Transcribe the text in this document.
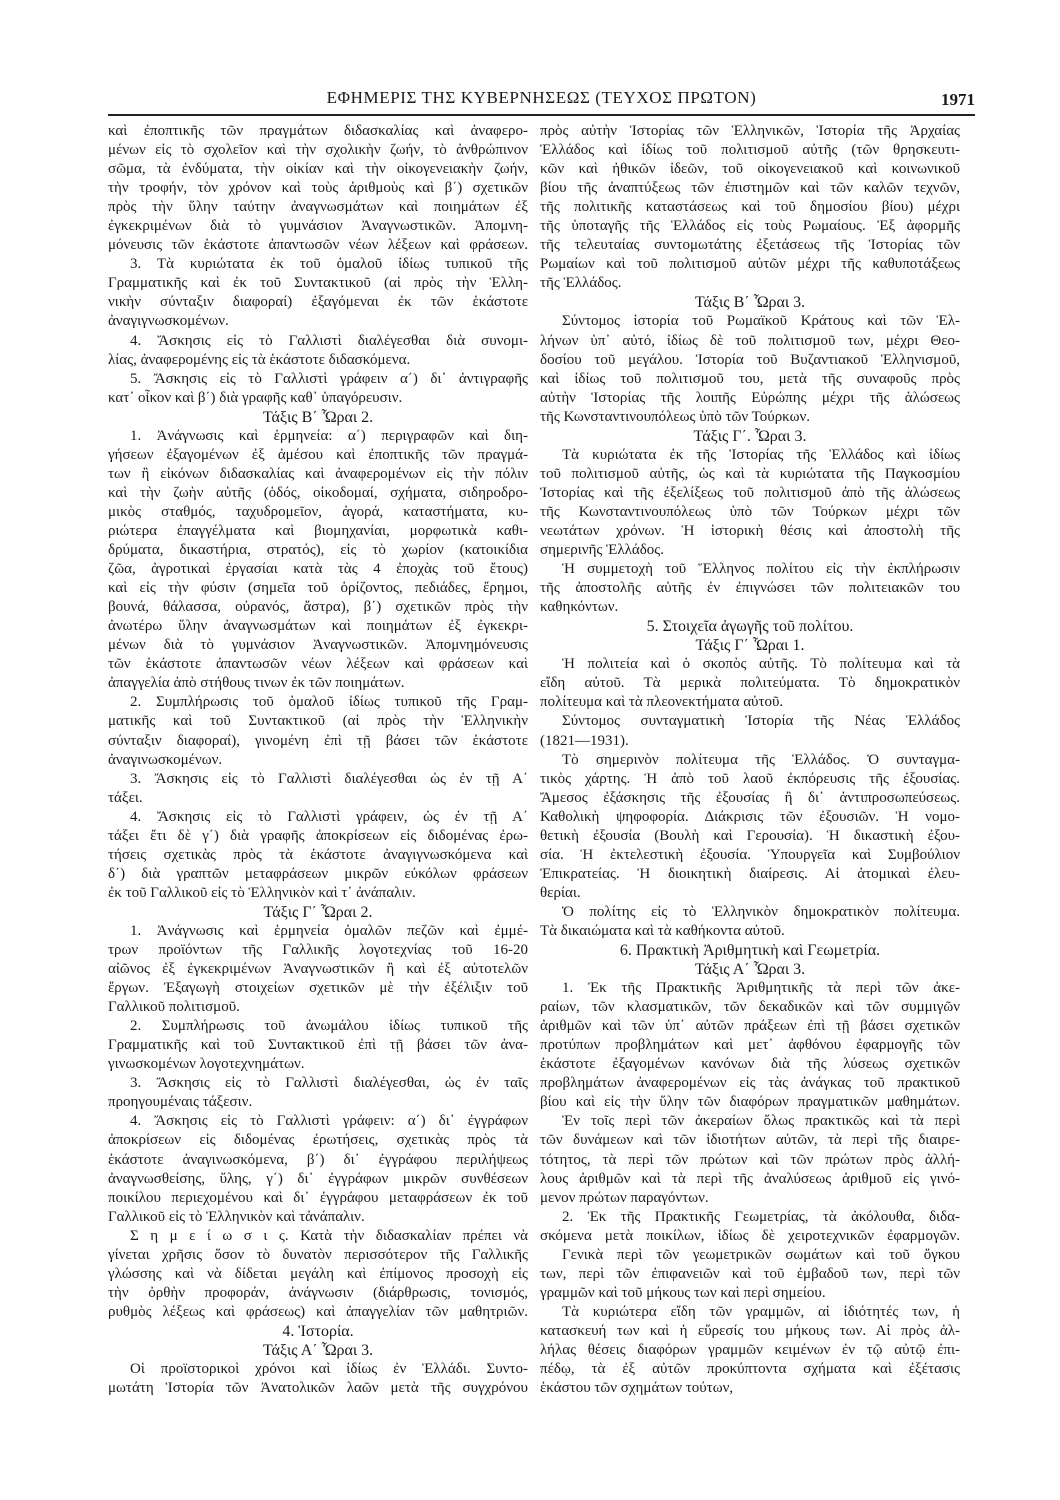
ΕΦΗΜΕΡΙΣ ΤΗΣ ΚΥΒΕΡΝΗΣΕΩΣ (ΤΕΥΧΟΣ ΠΡΩΤΟΝ)	1971
καὶ ἐποπτικῆς τῶν πραγμάτων διδασκαλίας καὶ ἀναφερο-
μένων εἰς τὸ σχολεῖον καὶ τὴν σχολικὴν ζωήν, τὸ ἀνθρώπινον
σῶμα, τὰ ἐνδύματα, τὴν οἰκίαν καὶ τὴν οἰκογενειακὴν ζωήν,
τὴν τροφήν, τὸν χρόνον καὶ τοὺς ἀριθμοὺς καὶ β΄) σχετικῶν
πρὸς τὴν ὕλην ταύτην ἀναγνωσμάτων καὶ ποιημάτων ἐξ
ἐγκεκριμένων διὰ τὸ γυμνάσιον Ἀναγνωστικῶν. Ἀπομνη-
μόνευσις τῶν ἑκάστοτε ἀπαντωσῶν νέων λέξεων καὶ φράσεων.
3. Τὰ κυριώτατα ἐκ τοῦ ὁμαλοῦ ἰδίως τυπικοῦ τῆς
Γραμματικῆς καὶ ἐκ τοῦ Συντακτικοῦ (αἱ πρὸς τὴν Ἑλλη-
νικὴν σύνταξιν διαφοραί) ἐξαγόμεναι ἐκ τῶν ἑκάστοτε
ἀναγιγνωσκομένων.
4. Ἄσκησις εἰς τὸ Γαλλιστὶ διαλέγεσθαι διὰ συνομι-
λίας, ἀναφερομένης εἰς τὰ ἑκάστοτε διδασκόμενα.
5. Ἄσκησις εἰς τὸ Γαλλιστὶ γράφειν α΄) δι᾿ ἀντιγραφῆς
κατ᾿ οἶκον καὶ β΄) διὰ γραφῆς καθ᾿ ὑπαγόρευσιν.
Τάξις Β΄ Ὧραι 2.
1. Ἀνάγνωσις καὶ ἑρμηνεία: α΄) περιγραφῶν καὶ διη-
γήσεων ἐξαγομένων ἐξ ἀμέσου καὶ ἐποπτικῆς τῶν πραγμά-
των ἢ εἰκόνων διδασκαλίας καὶ ἀναφερομένων εἰς τὴν πόλιν
καὶ τὴν ζωὴν αὐτῆς (ὁδός, οἰκοδομαί, σχήματα, σιδηροδρο-
μικὸς σταθμός, ταχυδρομεῖον, ἀγορά, καταστήματα, κυ-
ριώτερα ἐπαγγέλματα καὶ βιομηχανίαι, μορφωτικὰ καθι-
δρύματα, δικαστήρια, στρατός), εἰς τὸ χωρίον (κατοικίδια
ζῶα, ἀγροτικαὶ ἐργασίαι κατὰ τὰς 4 ἐποχὰς τοῦ ἔτους)
καὶ εἰς τὴν φύσιν (σημεῖα τοῦ ὁρίζοντος, πεδιάδες, ἔρημοι,
βουνά, θάλασσα, οὐρανός, ἄστρα), β΄) σχετικῶν πρὸς τὴν
ἀνωτέρω ὕλην ἀναγνωσμάτων καὶ ποιημάτων ἐξ ἐγκεκρι-
μένων διὰ τὸ γυμνάσιον Ἀναγνωστικῶν. Ἀπομνημόνευσις
τῶν ἑκάστοτε ἀπαντωσῶν νέων λέξεων καὶ φράσεων καὶ
ἀπαγγελία ἀπὸ στήθους τινων ἐκ τῶν ποιημάτων.
2. Συμπλήρωσις τοῦ ὁμαλοῦ ἰδίως τυπικοῦ τῆς Γραμ-
ματικῆς καὶ τοῦ Συντακτικοῦ (αἱ πρὸς τὴν Ἑλληνικὴν
σύνταξιν διαφοραί), γινομένη ἐπὶ τῇ βάσει τῶν ἑκάστοτε
ἀναγινωσκομένων.
3. Ἄσκησις εἰς τὸ Γαλλιστὶ διαλέγεσθαι ὡς ἐν τῇ Α΄
τάξει.
4. Ἄσκησις εἰς τὸ Γαλλιστὶ γράφειν, ὡς ἐν τῇ Α΄
τάξει ἔτι δὲ γ΄) διὰ γραφῆς ἀποκρίσεων εἰς διδομένας ἐρω-
τήσεις σχετικὰς πρὸς τὰ ἑκάστοτε ἀναγιγνωσκόμενα καὶ
δ΄) διὰ γραπτῶν μεταφράσεων μικρῶν εὐκόλων φράσεων
ἐκ τοῦ Γαλλικοῦ εἰς τὸ Ἑλληνικὸν καὶ τ᾿ ἀνάπαλιν.
Τάξις Γ΄ Ὧραι 2.
1. Ἀνάγνωσις καὶ ἑρμηνεία ὁμαλῶν πεζῶν καὶ ἐμμέ-
τρων προϊόντων τῆς Γαλλικῆς λογοτεχνίας τοῦ 16-20
αἰῶνος ἐξ ἐγκεκριμένων Ἀναγνωστικῶν ἢ καὶ ἐξ αὐτοτελῶν
ἔργων. Ἐξαγωγὴ στοιχείων σχετικῶν μὲ τὴν ἐξέλιξιν τοῦ
Γαλλικοῦ πολιτισμοῦ.
2. Συμπλήρωσις τοῦ ἀνωμάλου ἰδίως τυπικοῦ τῆς
Γραμματικῆς καὶ τοῦ Συντακτικοῦ ἐπὶ τῇ βάσει τῶν ἀνα-
γινωσκομένων λογοτεχνημάτων.
3. Ἄσκησις εἰς τὸ Γαλλιστὶ διαλέγεσθαι, ὡς ἐν ταῖς
προηγουμέναις τάξεσιν.
4. Ἄσκησις εἰς τὸ Γαλλιστὶ γράφειν: α΄) δι᾿ ἐγγράφων
ἀποκρίσεων εἰς διδομένας ἐρωτήσεις, σχετικὰς πρὸς τὰ
ἑκάστοτε ἀναγινωσκόμενα, β΄) δι᾿ ἐγγράφου περιλήψεως
ἀναγνωσθείσης, ὕλης, γ΄) δι᾿ ἐγγράφων μικρῶν συνθέσεων
ποικίλου περιεχομένου καὶ δι᾿ ἐγγράφου μεταφράσεων ἐκ τοῦ
Γαλλικοῦ εἰς τὸ Ἑλληνικὸν καὶ τἀνάπαλιν.
Σ η μ ε ί ω σ ι ς. Κατὰ τὴν διδασκαλίαν πρέπει νὰ
γίνεται χρῆσις ὅσον τὸ δυνατὸν περισσότερον τῆς Γαλλικῆς
γλώσσης καὶ νὰ δίδεται μεγάλη καὶ ἐπίμονος προσοχὴ εἰς
τὴν ὀρθὴν προφοράν, ἀνάγνωσιν (διάρθρωσις, τονισμός,
ρυθμὸς λέξεως καὶ φράσεως) καὶ ἀπαγγελίαν τῶν μαθητριῶν.
4. Ἱστορία.
Τάξις Α΄ Ὧραι 3.
Οἱ προϊστορικοὶ χρόνοι καὶ ἰδίως ἐν Ἑλλάδι. Συντο-
μωτάτη Ἱστορία τῶν Ἀνατολικῶν λαῶν μετὰ τῆς συγχρόνου
πρὸς αὐτὴν Ἱστορίας τῶν Ἑλληνικῶν, Ἱστορία τῆς Ἀρχαίας
Ἑλλάδος καὶ ἰδίως τοῦ πολιτισμοῦ αὐτῆς (τῶν θρησκευτι-
κῶν καὶ ἠθικῶν ἰδεῶν, τοῦ οἰκογενειακοῦ καὶ κοινωνικοῦ
βίου τῆς ἀναπτύξεως τῶν ἐπιστημῶν καὶ τῶν καλῶν τεχνῶν,
τῆς πολιτικῆς καταστάσεως καὶ τοῦ δημοσίου βίου) μέχρι
τῆς ὑποταγῆς τῆς Ἑλλάδος εἰς τοὺς Ρωμαίους. Ἐξ ἀφορμῆς
τῆς τελευταίας συντομωτάτης ἐξετάσεως τῆς Ἱστορίας τῶν
Ρωμαίων καὶ τοῦ πολιτισμοῦ αὐτῶν μέχρι τῆς καθυποτάξεως
τῆς Ἑλλάδος.
Τάξις Β΄ Ὧραι 3.
Σύντομος ἱστορία τοῦ Ρωμαϊκοῦ Κράτους καὶ τῶν Ἑλ-
λήνων ὑπ᾿ αὐτό, ἰδίως δὲ τοῦ πολιτισμοῦ των, μέχρι Θεο-
δοσίου τοῦ μεγάλου. Ἱστορία τοῦ Βυζαντιακοῦ Ἑλληνισμοῦ,
καὶ ἰδίως τοῦ πολιτισμοῦ του, μετὰ τῆς συναφοῦς πρὸς
αὐτὴν Ἱστορίας τῆς λοιπῆς Εὐρώπης μέχρι τῆς ἁλώσεως
τῆς Κωνσταντινουπόλεως ὑπὸ τῶν Τούρκων.
Τάξις Γ΄. Ὧραι 3.
Τὰ κυριώτατα ἐκ τῆς Ἱστορίας τῆς Ἑλλάδος καὶ ἰδίως
τοῦ πολιτισμοῦ αὐτῆς, ὡς καὶ τὰ κυριώτατα τῆς Παγκοσμίου
Ἱστορίας καὶ τῆς ἐξελίξεως τοῦ πολιτισμοῦ ἀπὸ τῆς ἁλώσεως
τῆς Κωνσταντινουπόλεως ὑπὸ τῶν Τούρκων μέχρι τῶν
νεωτάτων χρόνων. Ἡ ἱστορικὴ θέσις καὶ ἀποστολὴ τῆς
σημερινῆς Ἑλλάδος.
Ἡ συμμετοχὴ τοῦ Ἕλληνος πολίτου εἰς τὴν ἐκπλήρωσιν
τῆς ἀποστολῆς αὐτῆς ἐν ἐπιγνώσει τῶν πολιτειακῶν του
καθηκόντων.
5. Στοιχεῖα ἀγωγῆς τοῦ πολίτου.
Τάξις Γ΄ Ὧραι 1.
Ἡ πολιτεία καὶ ὁ σκοπὸς αὐτῆς. Τὸ πολίτευμα καὶ τὰ
εἴδη αὐτοῦ. Τὰ μερικὰ πολιτεύματα. Τὸ δημοκρατικὸν
πολίτευμα καὶ τὰ πλεονεκτήματα αὐτοῦ.
Σύντομος συνταγματικὴ Ἱστορία τῆς Νέας Ἑλλάδος
(1821—1931).
Τὸ σημερινὸν πολίτευμα τῆς Ἑλλάδος. Ὁ συνταγμα-
τικὸς χάρτης. Ἡ ἀπὸ τοῦ λαοῦ ἐκπόρευσις τῆς ἐξουσίας.
Ἄμεσος ἐξάσκησις τῆς ἐξουσίας ἢ δι᾿ ἀντιπροσωπεύσεως.
Καθολικὴ ψηφοφορία. Διάκρισις τῶν ἐξουσιῶν. Ἡ νομο-
θετικὴ ἐξουσία (Βουλὴ καὶ Γερουσία). Ἡ δικαστικὴ ἐξου-
σία. Ἡ ἐκτελεστικὴ ἐξουσία. Ὑπουργεῖα καὶ Συμβούλιον
Ἐπικρατείας. Ἡ διοικητικὴ διαίρεσις. Αἱ ἀτομικαὶ ἐλευ-
θερίαι.
Ὁ πολίτης εἰς τὸ Ἑλληνικὸν δημοκρατικὸν πολίτευμα.
Τὰ δικαιώματα καὶ τὰ καθήκοντα αὐτοῦ.
6. Πρακτικὴ Ἀριθμητικὴ καὶ Γεωμετρία.
Τάξις Α΄ Ὧραι 3.
1. Ἐκ τῆς Πρακτικῆς Ἀριθμητικῆς τὰ περὶ τῶν ἀκε-
ραίων, τῶν κλασματικῶν, τῶν δεκαδικῶν καὶ τῶν συμμιγῶν
ἀριθμῶν καὶ τῶν ὑπ᾿ αὐτῶν πράξεων ἐπὶ τῇ βάσει σχετικῶν
προτύπων προβλημάτων καὶ μετ᾿ ἀφθόνου ἐφαρμογῆς τῶν
ἑκάστοτε ἐξαγομένων κανόνων διὰ τῆς λύσεως σχετικῶν
προβλημάτων ἀναφερομένων εἰς τὰς ἀνάγκας τοῦ πρακτικοῦ
βίου καὶ εἰς τὴν ὕλην τῶν διαφόρων πραγματικῶν μαθημάτων.
Ἐν τοῖς περὶ τῶν ἀκεραίων ὅλως πρακτικῶς καὶ τὰ περὶ
τῶν δυνάμεων καὶ τῶν ἰδιοτήτων αὐτῶν, τὰ περὶ τῆς διαιρε-
τότητος, τὰ περὶ τῶν πρώτων καὶ τῶν πρώτων πρὸς ἀλλή-
λους ἀριθμῶν καὶ τὰ περὶ τῆς ἀναλύσεως ἀριθμοῦ εἰς γινό-
μενον πρώτων παραγόντων.
2. Ἐκ τῆς Πρακτικῆς Γεωμετρίας, τὰ ἀκόλουθα, διδα-
σκόμενα μετὰ ποικίλων, ἰδίως δὲ χειροτεχνικῶν ἐφαρμογῶν.
Γενικὰ περὶ τῶν γεωμετρικῶν σωμάτων καὶ τοῦ ὄγκου
των, περὶ τῶν ἐπιφανειῶν καὶ τοῦ ἐμβαδοῦ των, περὶ τῶν
γραμμῶν καὶ τοῦ μήκους των καὶ περὶ σημείου.
Τὰ κυριώτερα εἴδη τῶν γραμμῶν, αἱ ἰδιότητές των, ἡ
κατασκευή των καὶ ἡ εὕρεσίς του μήκους των. Αἱ πρὸς ἀλ-
λήλας θέσεις διαφόρων γραμμῶν κειμένων ἐν τῷ αὐτῷ ἐπι-
πέδῳ, τὰ ἐξ αὐτῶν προκύπτοντα σχήματα καὶ ἐξέτασις
ἑκάστου τῶν σχημάτων τούτων,
